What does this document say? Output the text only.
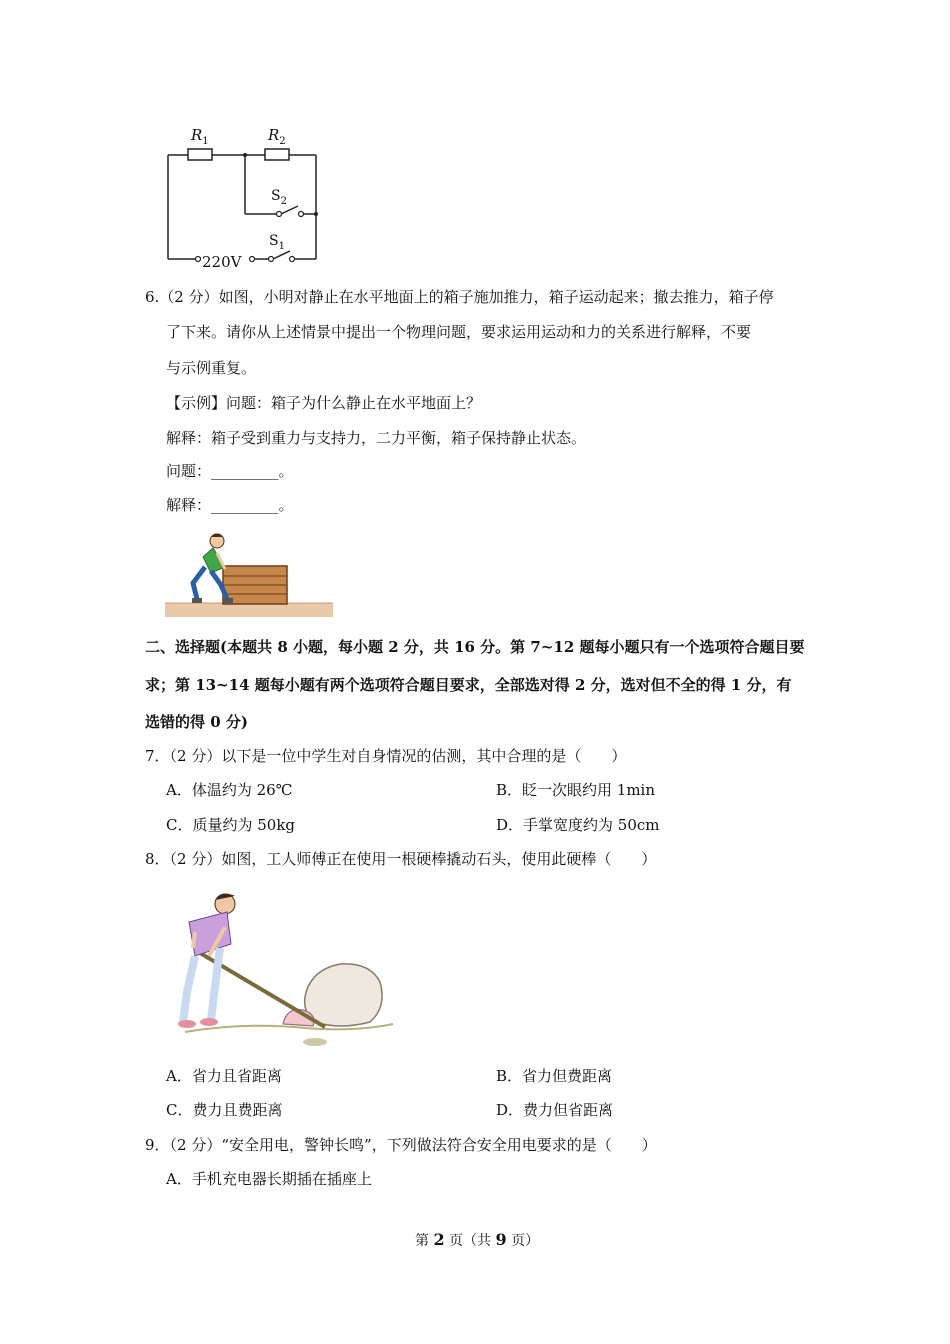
$R_1$	$R_2$
$S_2$
$S_1$
220V
6.（2 分）如图，小明对静止在水平地面上的箱子施加推力，箱子运动起来；撤去推力，箱子停
了下来。请你从上述情景中提出一个物理问题，要求运用运动和力的关系进行解释，不要
与示例重复。
【示例】问题：箱子为什么静止在水平地面上？
解释：箱子受到重力与支持力，二力平衡，箱子保持静止状态。
问题：_________。
解释：_________。
二、选择题(本题共 8 小题，每小题 2 分，共 16 分。第 7~12 题每小题只有一个选项符合题目要
求；第 13~14 题每小题有两个选项符合题目要求，全部选对得 2 分，选对但不全的得 1 分，有
选错的得 0 分)
7．（2 分）以下是一位中学生对自身情况的估测，其中合理的是（　　）
A．体温约为 26℃	B．眨一次眼约用 1min
C．质量约为 50kg	D．手掌宽度约为 50cm
8．（2 分）如图，工人师傅正在使用一根硬棒撬动石头，使用此硬棒（　　）
A．省力且省距离	B．省力但费距离
C．费力且费距离	D．费力但省距离
9．（2 分）“安全用电，警钟长鸣”，下列做法符合安全用电要求的是（　　）
A．手机充电器长期插在插座上
第 2 页（共 9 页）
